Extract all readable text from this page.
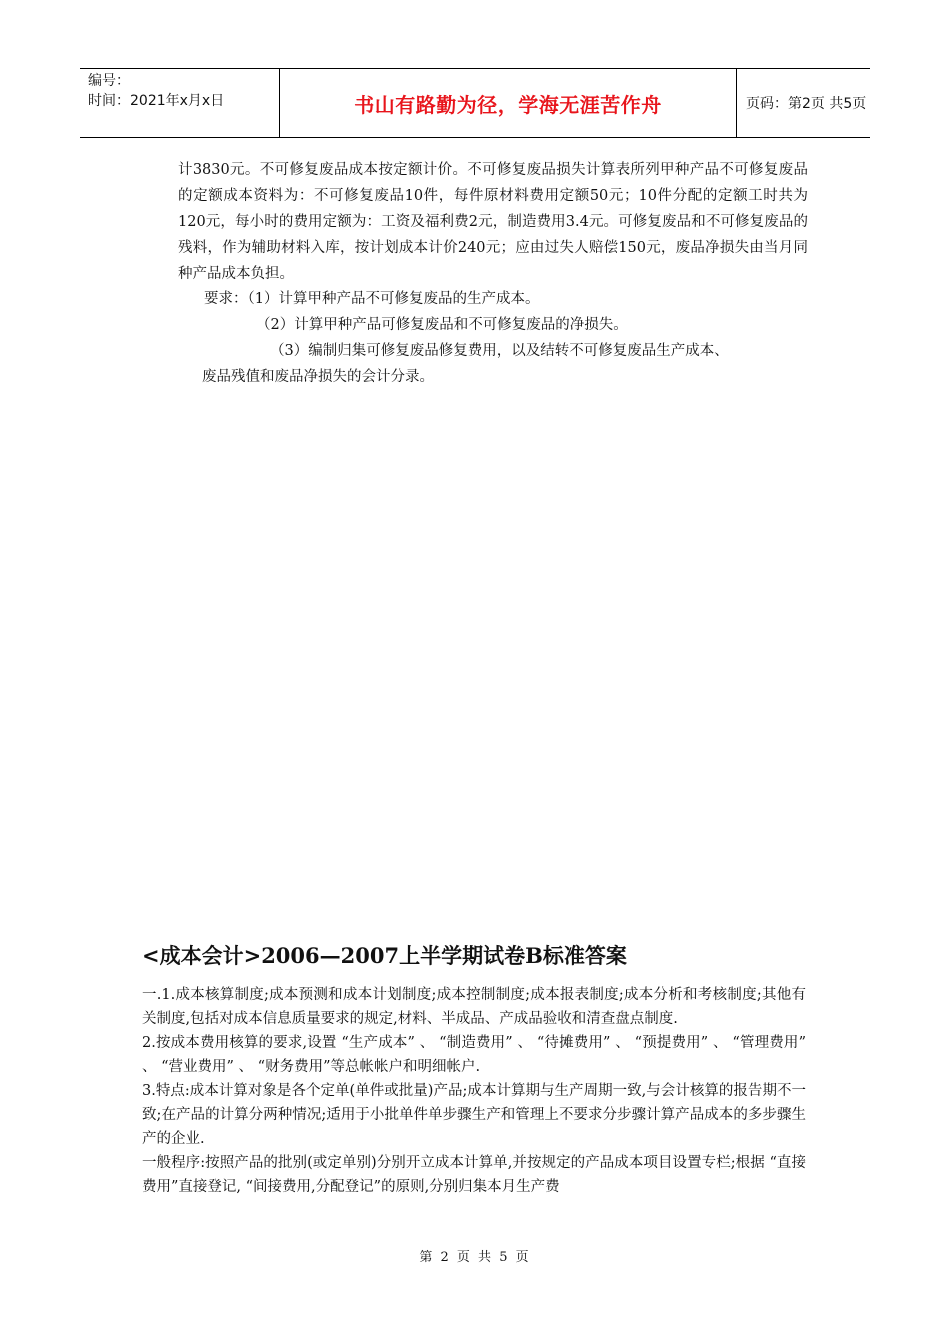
编号：
时间：2021年x月x日	书山有路勤为径，学海无涯苦作舟	页码：第2页 共5页

计3830元。不可修复废品成本按定额计价。不可修复废品损失计算表所列甲种产品不可修复废品的定额成本资料为：不可修复废品10件，每件原材料费用定额50元；10件分配的定额工时共为120元，每小时的费用定额为：工资及福利费2元，制造费用3.4元。可修复废品和不可修复废品的残料，作为辅助材料入库，按计划成本计价240元；应由过失人赔偿150元，废品净损失由当月同种产品成本负担。

要求：（1）计算甲种产品不可修复废品的生产成本。
（2）计算甲种产品可修复废品和不可修复废品的净损失。
（3）编制归集可修复废品修复费用，以及结转不可修复废品生产成本、
废品残值和废品净损失的会计分录。
<成本会计>2006—2007上半学期试卷B标准答案

一.1.成本核算制度;成本预测和成本计划制度;成本控制制度;成本报表制度;成本分析和考核制度;其他有关制度,包括对成本信息质量要求的规定,材料、半成品、产成品验收和清查盘点制度.

2.按成本费用核算的要求,设置 “生产成本” 、 “制造费用” 、 “待摊费用” 、 “预提费用” 、 “管理费用” 、 “营业费用” 、 “财务费用”等总帐帐户和明细帐户.

3.特点:成本计算对象是各个定单(单件或批量)产品;成本计算期与生产周期一致,与会计核算的报告期不一致;在产品的计算分两种情况;适用于小批单件单步骤生产和管理上不要求分步骤计算产品成本的多步骤生产的企业.

一般程序:按照产品的批别(或定单别)分别开立成本计算单,并按规定的产品成本项目设置专栏;根据 “直接费用”直接登记, “间接费用,分配登记”的原则,分别归集本月生产费

第 2 页 共 5 页
